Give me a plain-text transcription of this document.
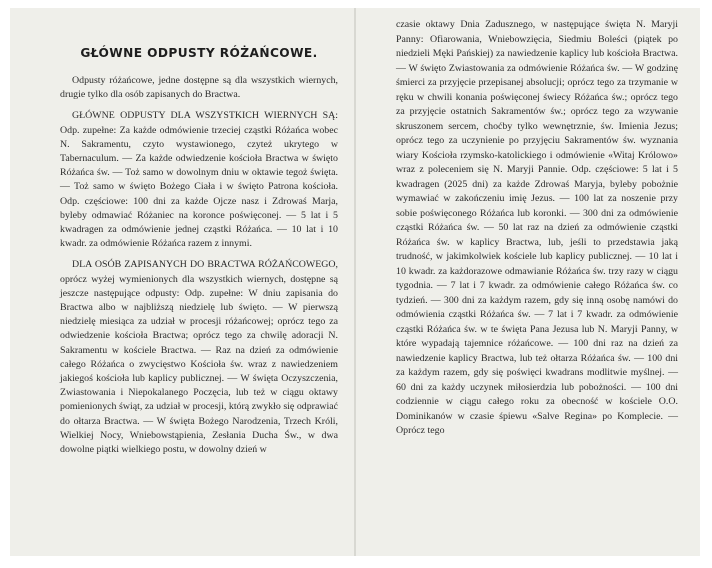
GŁÓWNE ODPUSTY RÓŻAŃCOWE.

Odpusty różańcowe, jedne dostępne są dla wszystkich wiernych, drugie tylko dla osób zapisanych do Bractwa.

GŁÓWNE ODPUSTY DLA WSZYSTKICH WIERNYCH SĄ: Odp. zupełne: Za każde odmówienie trzeciej cząstki Różańca wobec N. Sakramentu, czyto wystawionego, czyteż ukrytego w Tabernaculum. — Za każde odwiedzenie kościoła Bractwa w święto Różańca św. — Toż samo w dowolnym dniu w oktawie tegoż święta. — Toż samo w święto Bożego Ciała i w święto Patrona kościoła. Odp. częściowe: 100 dni za każde Ojcze nasz i Zdrowaś Marja, byleby odmawiać Różaniec na koronce poświęconej. — 5 lat i 5 kwadragen za odmówienie jednej cząstki Różańca. — 10 lat i 10 kwadr. za odmówienie Różańca razem z innymi.

DLA OSÓB ZAPISANYCH DO BRACTWA RÓŻAŃCOWEGO, oprócz wyżej wymienionych dla wszystkich wiernych, dostępne są jeszcze następujące odpusty: Odp. zupełne: W dniu zapisania do Bractwa albo w najbliższą niedzielę lub święto. — W pierwszą niedzielę miesiąca za udział w procesji różańcowej; oprócz tego za odwiedzenie kościoła Bractwa; oprócz tego za chwilę adoracji N. Sakramentu w kościele Bractwa. — Raz na dzień za odmówienie całego Różańca o zwycięstwo Kościoła św. wraz z nawiedzeniem jakiegoś kościoła lub kaplicy publicznej. — W święta Oczyszczenia, Zwiastowania i Niepokalanego Poczęcia, lub też w ciągu oktawy pomienionych świąt, za udział w procesji, którą zwykło się odprawiać do ołtarza Bractwa. — W święta Bożego Narodzenia, Trzech Króli, Wielkiej Nocy, Wniebowstąpienia, Zesłania Ducha Św., w dwa dowolne piątki wielkiego postu, w dowolny dzień w

czasie oktawy Dnia Zadusznego, w następujące święta N. Maryji Panny: Ofiarowania, Wniebowzięcia, Siedmiu Boleści (piątek po niedzieli Męki Pańskiej) za nawiedzenie kaplicy lub kościoła Bractwa. — W święto Zwiastowania za odmówienie Różańca św. — W godzinę śmierci za przyjęcie przepisanej absolucji; oprócz tego za trzymanie w ręku w chwili konania poświęconej świecy Różańca św.; oprócz tego za przyjęcie ostatnich Sakramentów św.; oprócz tego za wzywanie skruszonem sercem, choćby tylko wewnętrznie, św. Imienia Jezus; oprócz tego za uczynienie po przyjęciu Sakramentów św. wyznania wiary Kościoła rzymsko-katolickiego i odmówienie «Witaj Królowo» wraz z poleceniem się N. Maryji Pannie. Odp. częściowe: 5 lat i 5 kwadragen (2025 dni) za każde Zdrowaś Maryja, byleby pobożnie wymawiać w zakończeniu imię Jezus. — 100 lat za noszenie przy sobie poświęconego Różańca lub koronki. — 300 dni za odmówienie cząstki Różańca św. — 50 lat raz na dzień za odmówienie cząstki Różańca św. w kaplicy Bractwa, lub, jeśli to przedstawia jaką trudność, w jakimkolwiek kościele lub kaplicy publicznej. — 10 lat i 10 kwadr. za każdorazowe odmawianie Różańca św. trzy razy w ciągu tygodnia. — 7 lat i 7 kwadr. za odmówienie całego Różańca św. co tydzień. — 300 dni za każdym razem, gdy się inną osobę namówi do odmówienia cząstki Różańca św. — 7 lat i 7 kwadr. za odmówienie cząstki Różańca św. w te święta Pana Jezusa lub N. Maryji Panny, w które wypadają tajemnice różańcowe. — 100 dni raz na dzień za nawiedzenie kaplicy Bractwa, lub też ołtarza Różańca św. — 100 dni za każdym razem, gdy się poświęci kwadrans modlitwie myślnej. — 60 dni za każdy uczynek miłosierdzia lub pobożności. — 100 dni codziennie w ciągu całego roku za obecność w kościele O.O. Dominikanów w czasie śpiewu «Salve Regina» po Komplecie. — Oprócz tego
